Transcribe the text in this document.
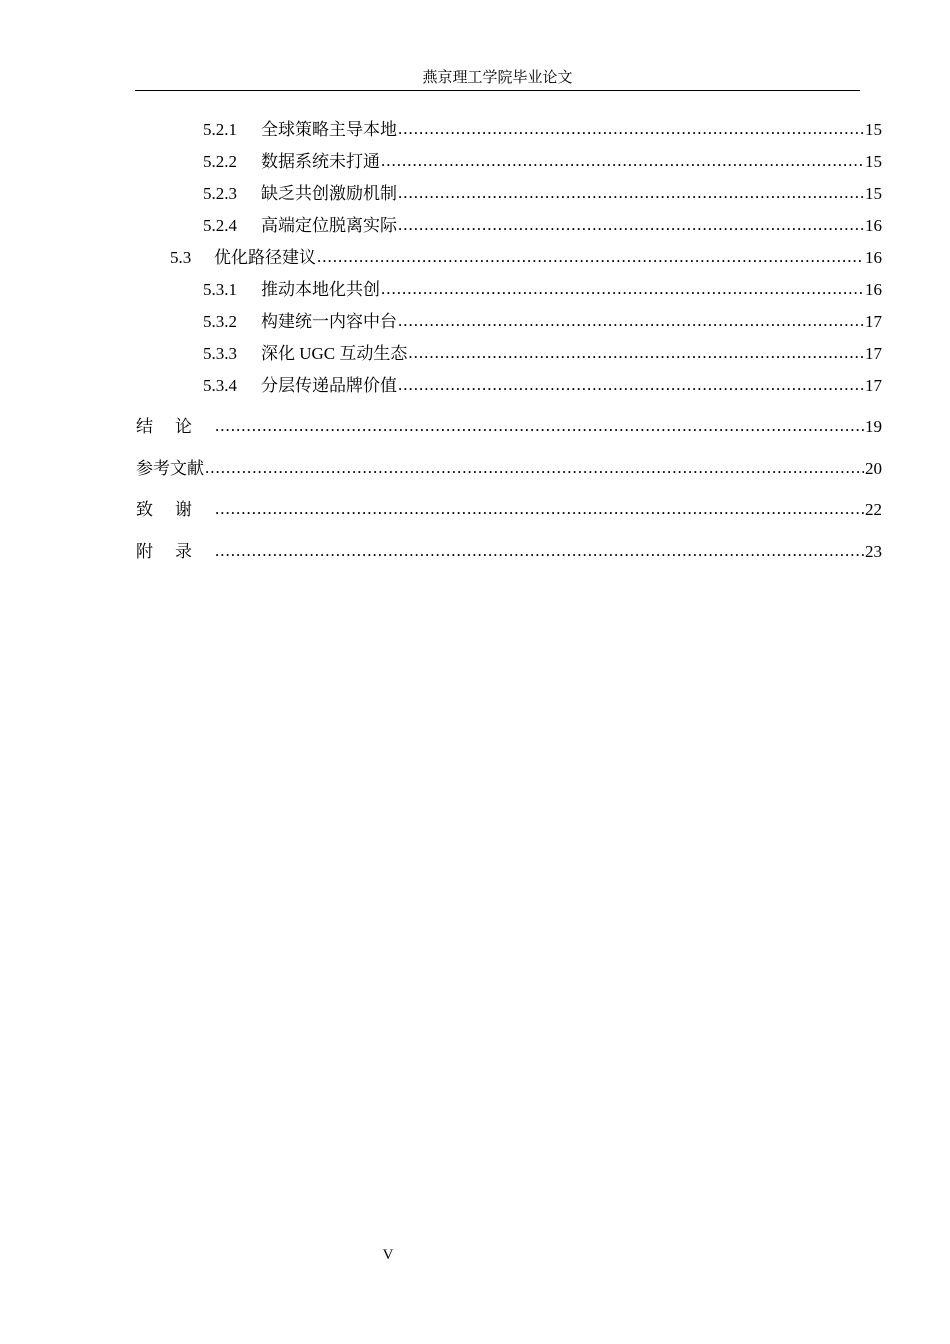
燕京理工学院毕业论文
5.2.1	全球策略主导本地 .....	15
5.2.2	数据系统未打通 .....	15
5.2.3	缺乏共创激励机制 .....	15
5.2.4	高端定位脱离实际 .....	16
5.3	优化路径建议 .....	16
5.3.1	推动本地化共创 .....	16
5.3.2	构建统一内容中台 .....	17
5.3.3	深化 UGC 互动生态 .....	17
5.3.4	分层传递品牌价值 .....	17
结论 .....	19
参考文献 .....	20
致谢 .....	22
附录 .....	23
V
